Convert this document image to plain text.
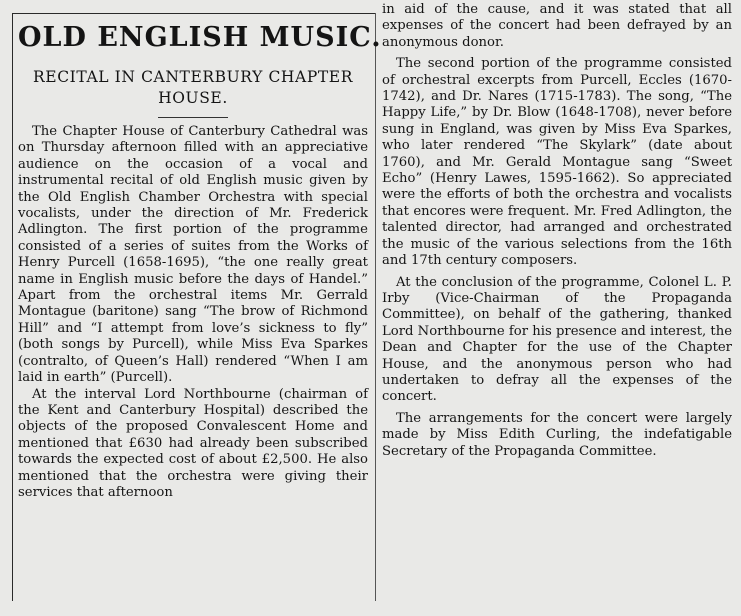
OLD ENGLISH MUSIC.
RECITAL IN CANTERBURY CHAPTER HOUSE.

The Chapter House of Canterbury Cathedral was on Thursday afternoon filled with an appreciative audience on the occasion of a vocal and instrumental recital of old English music given by the Old English Chamber Orchestra with special vocalists, under the direction of Mr. Frederick Adlington. The first portion of the programme consisted of a series of suites from the Works of Henry Purcell (1658-1695), “the one really great name in English music before the days of Handel.” Apart from the orchestral items Mr. Gerrald Montague (baritone) sang “The brow of Richmond Hill” and “I attempt from love’s sickness to fly” (both songs by Purcell), while Miss Eva Sparkes (contralto, of Queen’s Hall) rendered “When I am laid in earth” (Purcell).

At the interval Lord Northbourne (chairman of the Kent and Canterbury Hospital) described the objects of the proposed Convalescent Home and mentioned that £630 had already been subscribed towards the expected cost of about £2,500. He also mentioned that the orchestra were giving their services that afternoon

in aid of the cause, and it was stated that all expenses of the concert had been defrayed by an anonymous donor.

The second portion of the programme consisted of orchestral excerpts from Purcell, Eccles (1670-1742), and Dr. Nares (1715-1783). The song, “The Happy Life,” by Dr. Blow (1648-1708), never before sung in England, was given by Miss Eva Sparkes, who later rendered “The Skylark” (date about 1760), and Mr. Gerald Montague sang “Sweet Echo” (Henry Lawes, 1595-1662). So appreciated were the efforts of both the orchestra and vocalists that encores were frequent. Mr. Fred Adlington, the talented director, had arranged and orchestrated the music of the various selections from the 16th and 17th century composers.

At the conclusion of the programme, Colonel L. P. Irby (Vice-Chairman of the Propaganda Committee), on behalf of the gathering, thanked Lord Northbourne for his presence and interest, the Dean and Chapter for the use of the Chapter House, and the anonymous person who had undertaken to defray all the expenses of the concert.

The arrangements for the concert were largely made by Miss Edith Curling, the indefatigable Secretary of the Propaganda Committee.
